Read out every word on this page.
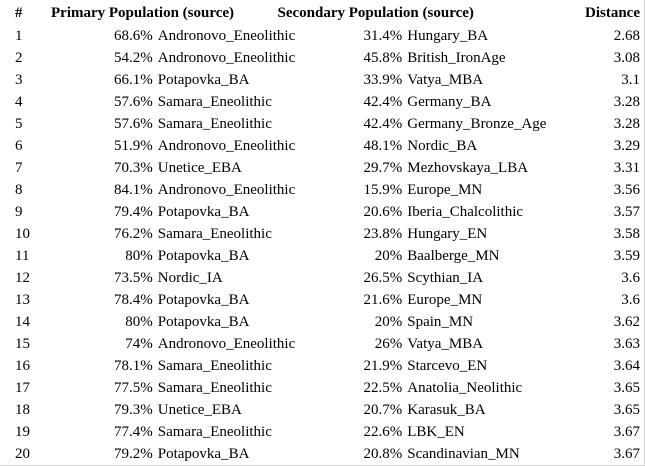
#	Primary Population (source)		Secondary Population (source)		Distance
1	68.6%	Andronovo_Eneolithic	31.4%	Hungary_BA	2.68
2	54.2%	Andronovo_Eneolithic	45.8%	British_IronAge	3.08
3	66.1%	Potapovka_BA	33.9%	Vatya_MBA	3.1
4	57.6%	Samara_Eneolithic	42.4%	Germany_BA	3.28
5	57.6%	Samara_Eneolithic	42.4%	Germany_Bronze_Age	3.28
6	51.9%	Andronovo_Eneolithic	48.1%	Nordic_BA	3.29
7	70.3%	Unetice_EBA	29.7%	Mezhovskaya_LBA	3.31
8	84.1%	Andronovo_Eneolithic	15.9%	Europe_MN	3.56
9	79.4%	Potapovka_BA	20.6%	Iberia_Chalcolithic	3.57
10	76.2%	Samara_Eneolithic	23.8%	Hungary_EN	3.58
11	80%	Potapovka_BA	20%	Baalberge_MN	3.59
12	73.5%	Nordic_IA	26.5%	Scythian_IA	3.6
13	78.4%	Potapovka_BA	21.6%	Europe_MN	3.6
14	80%	Potapovka_BA	20%	Spain_MN	3.62
15	74%	Andronovo_Eneolithic	26%	Vatya_MBA	3.63
16	78.1%	Samara_Eneolithic	21.9%	Starcevo_EN	3.64
17	77.5%	Samara_Eneolithic	22.5%	Anatolia_Neolithic	3.65
18	79.3%	Unetice_EBA	20.7%	Karasuk_BA	3.65
19	77.4%	Samara_Eneolithic	22.6%	LBK_EN	3.67
20	79.2%	Potapovka_BA	20.8%	Scandinavian_MN	3.67
